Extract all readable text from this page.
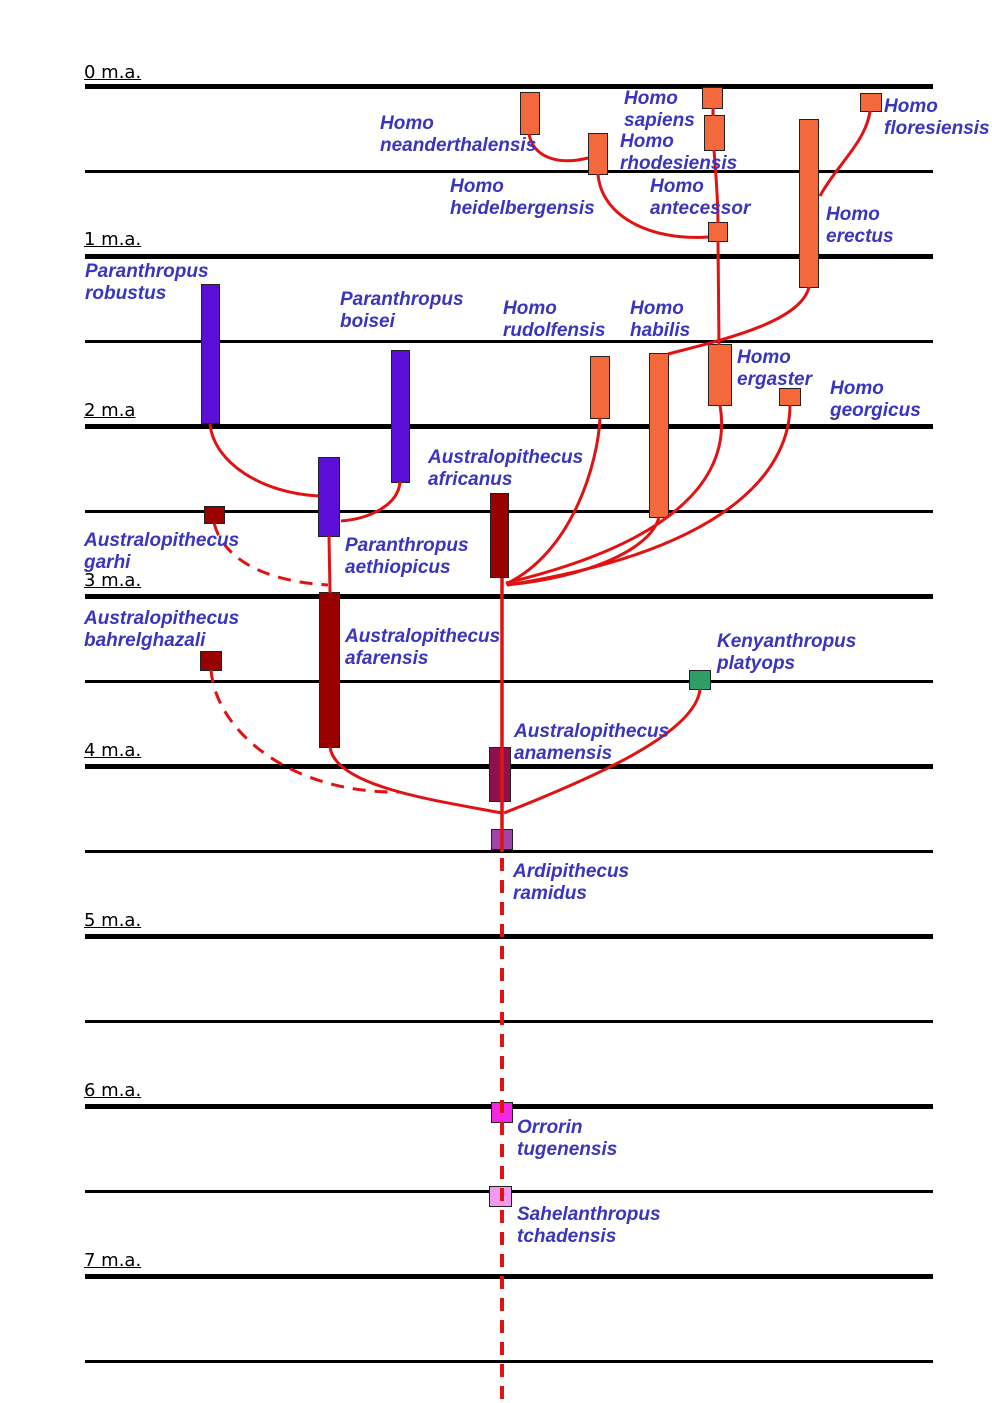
0 m.a.
1 m.a.
2 m.a
3 m.a.
4 m.a.
5 m.a.
6 m.a.
7 m.a.
Homo
neanderthalensis
Homo
sapiens
Homo
rhodesiensis
Homo
heidelbergensis
Homo
antecessor	Homo
erectus
Homo
floresiensis
Homo
rudolfensis
Homo
habilis
Homo
ergaster Homo
georgicus
Paranthropus
robustus	Paranthropus
boisei
Paranthropus
aethiopicus
Australopithecus
garhi
Australopithecus
africanus
Australopithecus
afarensis
Australopithecus
bahrelghazali
Australopithecus
anamensis
Kenyanthropus
platyops
Ardipithecus
ramidus
Orrorin
tugenensis
Sahelanthropus
tchadensis
